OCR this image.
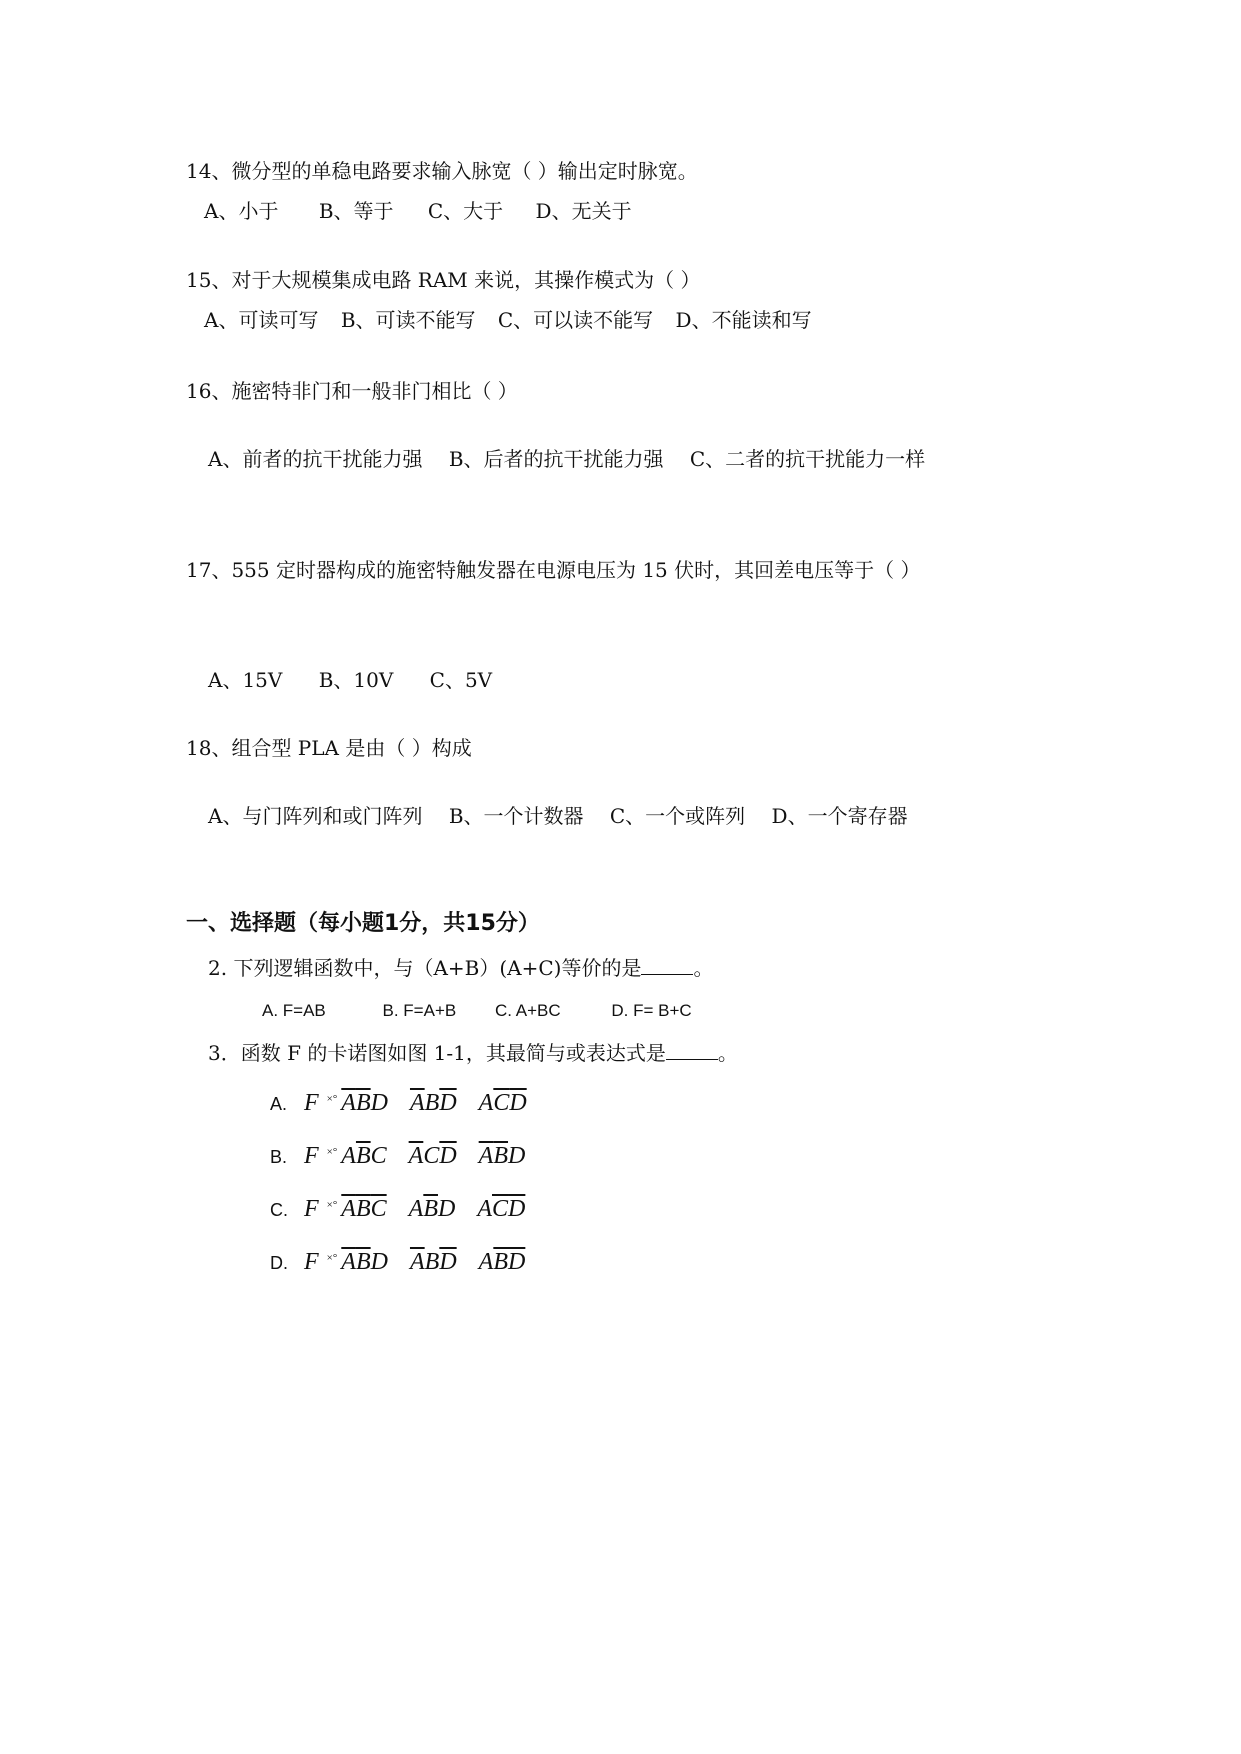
14、微分型的单稳电路要求输入脉宽（ ）输出定时脉宽。
A、小于 B、等于 C、大于 D、无关于
15、对于大规模集成电路 RAM 来说，其操作模式为（ ）
A、可读可写 B、可读不能写 C、可以读不能写 D、不能读和写
16、施密特非门和一般非门相比（ ）
A、前者的抗干扰能力强 B、后者的抗干扰能力强 C、二者的抗干扰能力一样
17、555 定时器构成的施密特触发器在电源电压为 15 伏时，其回差电压等于（ ）
A、15V B、10V C、5V
18、组合型 PLA 是由（ ）构成
A、与门阵列和或门阵列 B、一个计数器 C、一个或阵列 D、一个寄存器
一、选择题（每小题1分，共15分）
2. 下列逻辑函数中，与（A+B）(A+C)等价的是	。
A. F=AB	B. F=A+B C. A+BC	D. F= B+C
3．函数 F 的卡诺图如图 1-1，其最简与或表达式是	。
A. F ×° $\overline{A}\overline{B}D$ $\overline{A}B\overline{D}$ $A\overline{C}\overline{D}$
B. F ×° $A\overline{B}C$ $\overline{A}C\overline{D}$ $\overline{A}\overline{B}D$
C. F ×° $\overline{A}\overline{B}\overline{C}$ $A\overline{B}D$ $A\overline{C}\overline{D}$
D. F ×° $\overline{A}\overline{B}D$ $\overline{A}B\overline{D}$ $A\overline{B}\overline{D}$
